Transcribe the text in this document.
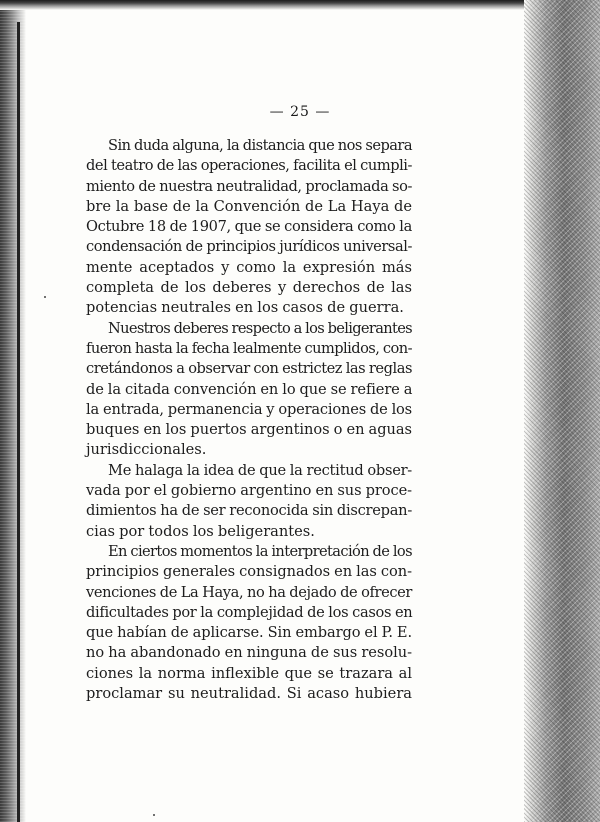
— 25 —
Sin duda alguna, la distancia que nos separa
del teatro de las operaciones, facilita el cumpli-
miento de nuestra neutralidad, proclamada so-
bre la base de la Convención de La Haya de
Octubre 18 de 1907, que se considera como la
condensación de principios jurídicos universal-
mente aceptados y como la expresión más
completa de los deberes y derechos de las
potencias neutrales en los casos de guerra.
Nuestros deberes respecto a los beligerantes
fueron hasta la fecha lealmente cumplidos, con-
cretándonos a observar con estrictez las reglas
de la citada convención en lo que se refiere a
la entrada, permanencia y operaciones de los
buques en los puertos argentinos o en aguas
jurisdiccionales.
Me halaga la idea de que la rectitud obser-
vada por el gobierno argentino en sus proce-
dimientos ha de ser reconocida sin discrepan-
cias por todos los beligerantes.
En ciertos momentos la interpretación de los
principios generales consignados en las con-
venciones de La Haya, no ha dejado de ofrecer
dificultades por la complejidad de los casos en
que habían de aplicarse. Sin embargo el P. E.
no ha abandonado en ninguna de sus resolu-
ciones la norma inflexible que se trazara al
proclamar su neutralidad. Si acaso hubiera
